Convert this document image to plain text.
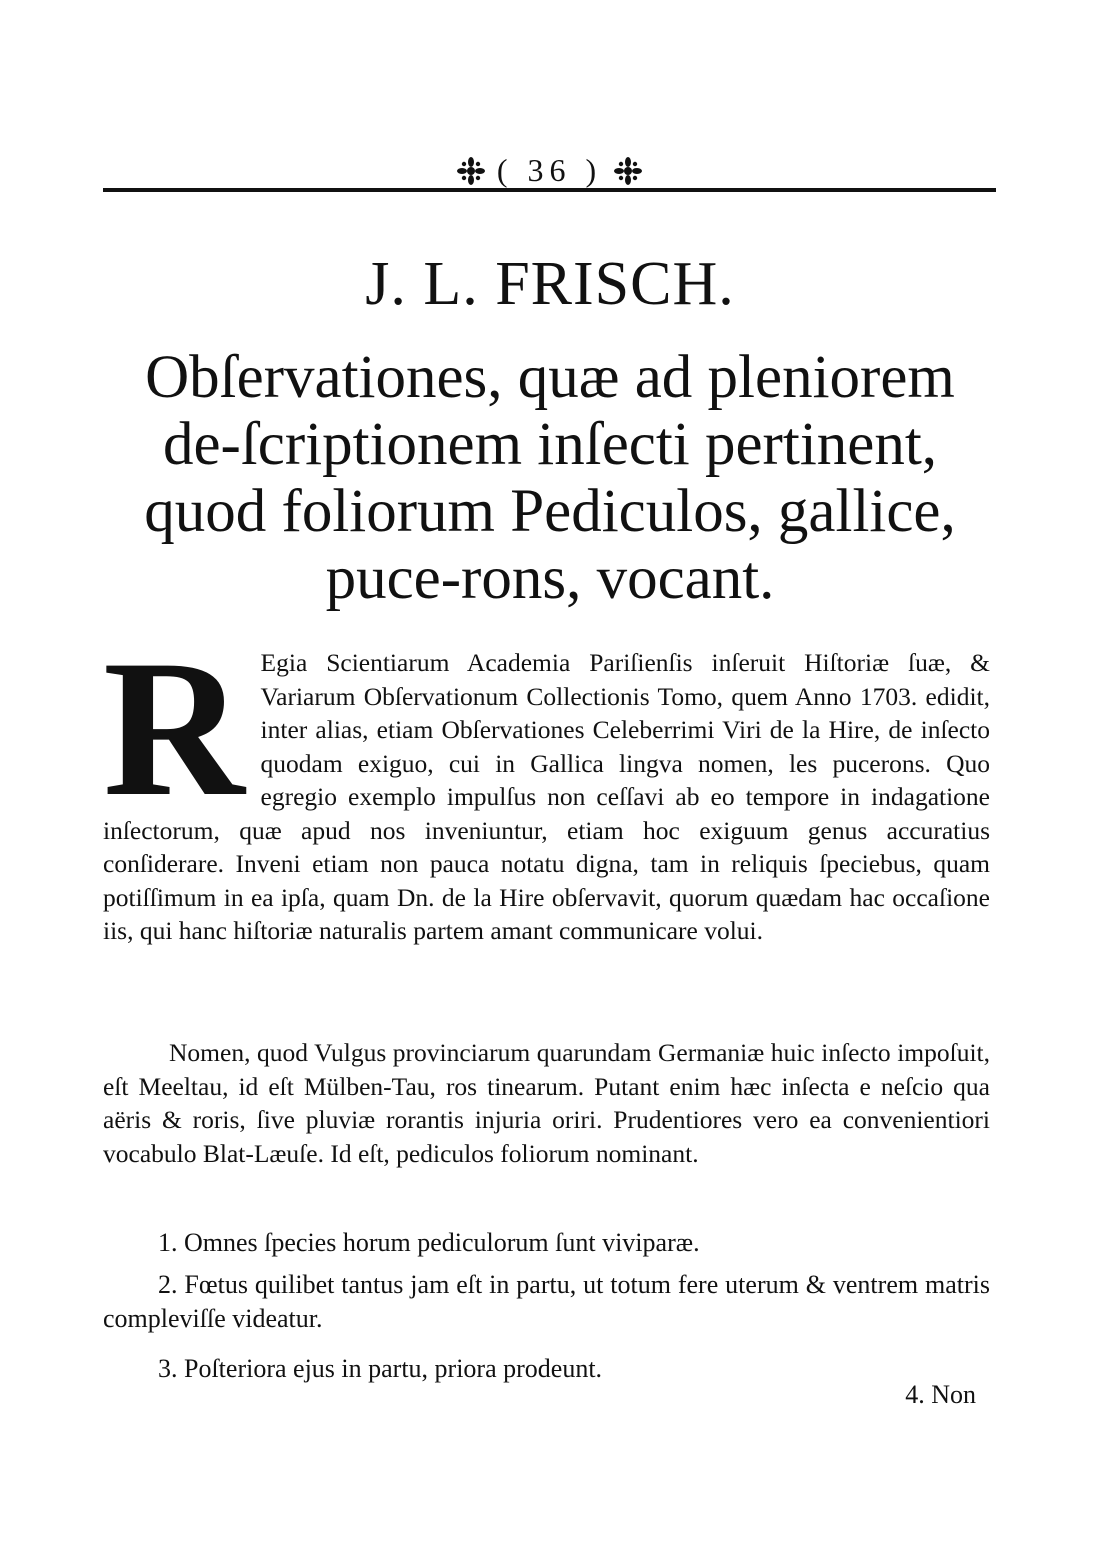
( 36 )
J. L. FRISCH.
Obſervationes, quæ ad pleniorem de-ſcriptionem inſecti pertinent, quod foliorum Pediculos, gallice, puce-rons, vocant.

R Egia Scientiarum Academia Pariſienſis inſeruit Hiſtoriæ ſuæ, & Variarum Obſervationum Collectionis Tomo, quem Anno 1703. edidit, inter alias, etiam Obſervationes Celeberrimi Viri de la Hire, de inſecto quodam exiguo, cui in Gallica lingva nomen, les pucerons. Quo egregio exemplo impulſus non ceſſavi ab eo tempore in indagatione inſectorum, quæ apud nos inveniuntur, etiam hoc exiguum genus accuratius conſiderare. Inveni etiam non pauca notatu digna, tam in reliquis ſpeciebus, quam potiſſimum in ea ipſa, quam Dn. de la Hire obſervavit, quorum quædam hac occaſione iis, qui hanc hiſtoriæ naturalis partem amant communicare volui.

Nomen, quod Vulgus provinciarum quarundam Germaniæ huic inſecto impoſuit, eſt Meeltau, id eſt Mülben-Tau, ros tinearum. Putant enim hæc inſecta e neſcio qua aëris & roris, ſive pluviæ rorantis injuria oriri. Prudentiores vero ea convenientiori vocabulo Blat-Læuſe. Id eſt, pediculos foliorum nominant.

1. Omnes ſpecies horum pediculorum ſunt viviparæ.

2. Fœtus quilibet tantus jam eſt in partu, ut totum fere uterum & ventrem matris compleviſſe videatur.

3. Poſteriora ejus in partu, priora prodeunt.

4. Non
